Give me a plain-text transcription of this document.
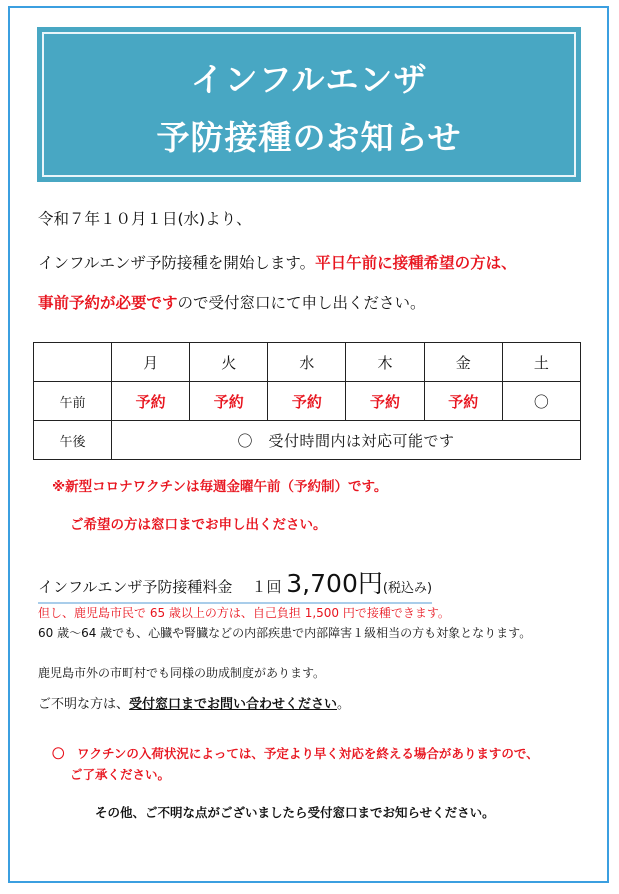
インフルエンザ
予防接種のお知らせ
令和７年１０月１日(水)より、
インフルエンザ予防接種を開始します。平日午前に接種希望の方は、
事前予約が必要ですので受付窓口にて申し出ください。
	月	火	水	木	金	土
午前	予約	予約	予約	予約	予約	〇
午後	〇　受付時間内は対応可能です					
※新型コロナワクチンは毎週金曜午前（予約制）です。
ご希望の方は窓口までお申し出ください。
インフルエンザ予防接種料金 １回 3,700円(税込み)
但し、鹿児島市民で 65 歳以上の方は、自己負担 1,500 円で接種できます。
60 歳～64 歳でも、心臓や腎臓などの内部疾患で内部障害１級相当の方も対象となります。
鹿児島市外の市町村でも同様の助成制度があります。
ご不明な方は、受付窓口までお問い合わせください。
〇　ワクチンの入荷状況によっては、予定より早く対応を終える場合がありますので、
ご了承ください。
その他、ご不明な点がございましたら受付窓口までお知らせください。
